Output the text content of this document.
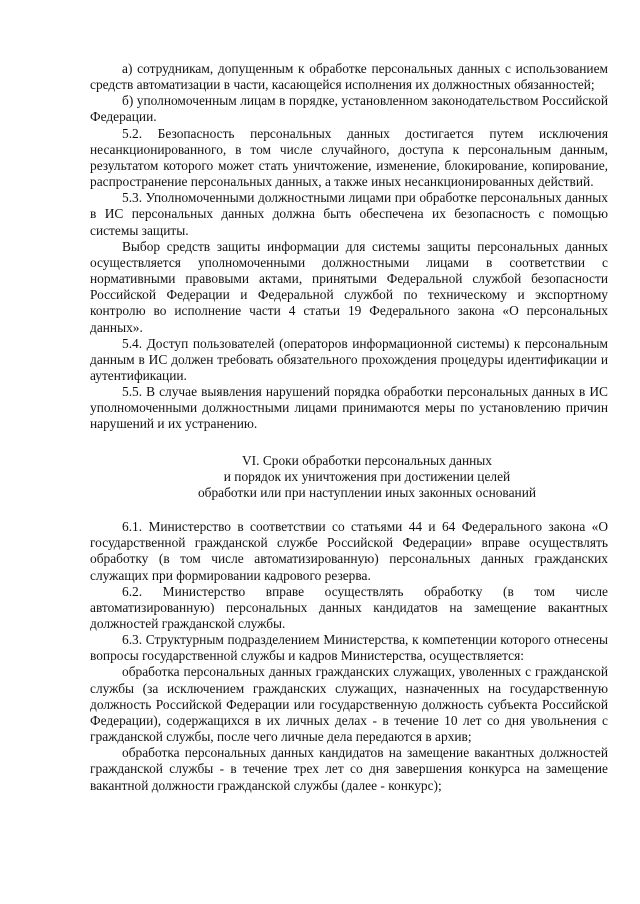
а) сотрудникам, допущенным к обработке персональных данных с использованием средств автоматизации в части, касающейся исполнения их должностных обязанностей;

б) уполномоченным лицам в порядке, установленном законодательством Российской Федерации.

5.2. Безопасность персональных данных достигается путем исключения несанкционированного, в том числе случайного, доступа к персональным данным, результатом которого может стать уничтожение, изменение, блокирование, копирование, распространение персональных данных, а также иных несанкционированных действий.

5.3. Уполномоченными должностными лицами при обработке персональных данных в ИС персональных данных должна быть обеспечена их безопасность с помощью системы защиты.

Выбор средств защиты информации для системы защиты персональных данных осуществляется уполномоченными должностными лицами в соответствии с нормативными правовыми актами, принятыми Федеральной службой безопасности Российской Федерации и Федеральной службой по техническому и экспортному контролю во исполнение части 4 статьи 19 Федерального закона «О персональных данных».

5.4. Доступ пользователей (операторов информационной системы) к персональным данным в ИС должен требовать обязательного прохождения процедуры идентификации и аутентификации.

5.5. В случае выявления нарушений порядка обработки персональных данных в ИС уполномоченными должностными лицами принимаются меры по установлению причин нарушений и их устранению.

VI. Сроки обработки персональных данных
и порядок их уничтожения при достижении целей
обработки или при наступлении иных законных оснований

6.1. Министерство в соответствии со статьями 44 и 64 Федерального закона «О государственной гражданской службе Российской Федерации» вправе осуществлять обработку (в том числе автоматизированную) персональных данных гражданских служащих при формировании кадрового резерва.

6.2. Министерство вправе осуществлять обработку (в том числе автоматизированную) персональных данных кандидатов на замещение вакантных должностей гражданской службы.

6.3. Структурным подразделением Министерства, к компетенции которого отнесены вопросы государственной службы и кадров Министерства, осуществляется:

обработка персональных данных гражданских служащих, уволенных с гражданской службы (за исключением гражданских служащих, назначенных на государственную должность Российской Федерации или государственную должность субъекта Российской Федерации), содержащихся в их личных делах - в течение 10 лет со дня увольнения с гражданской службы, после чего личные дела передаются в архив;

обработка персональных данных кандидатов на замещение вакантных должностей гражданской службы - в течение трех лет со дня завершения конкурса на замещение вакантной должности гражданской службы (далее - конкурс);
